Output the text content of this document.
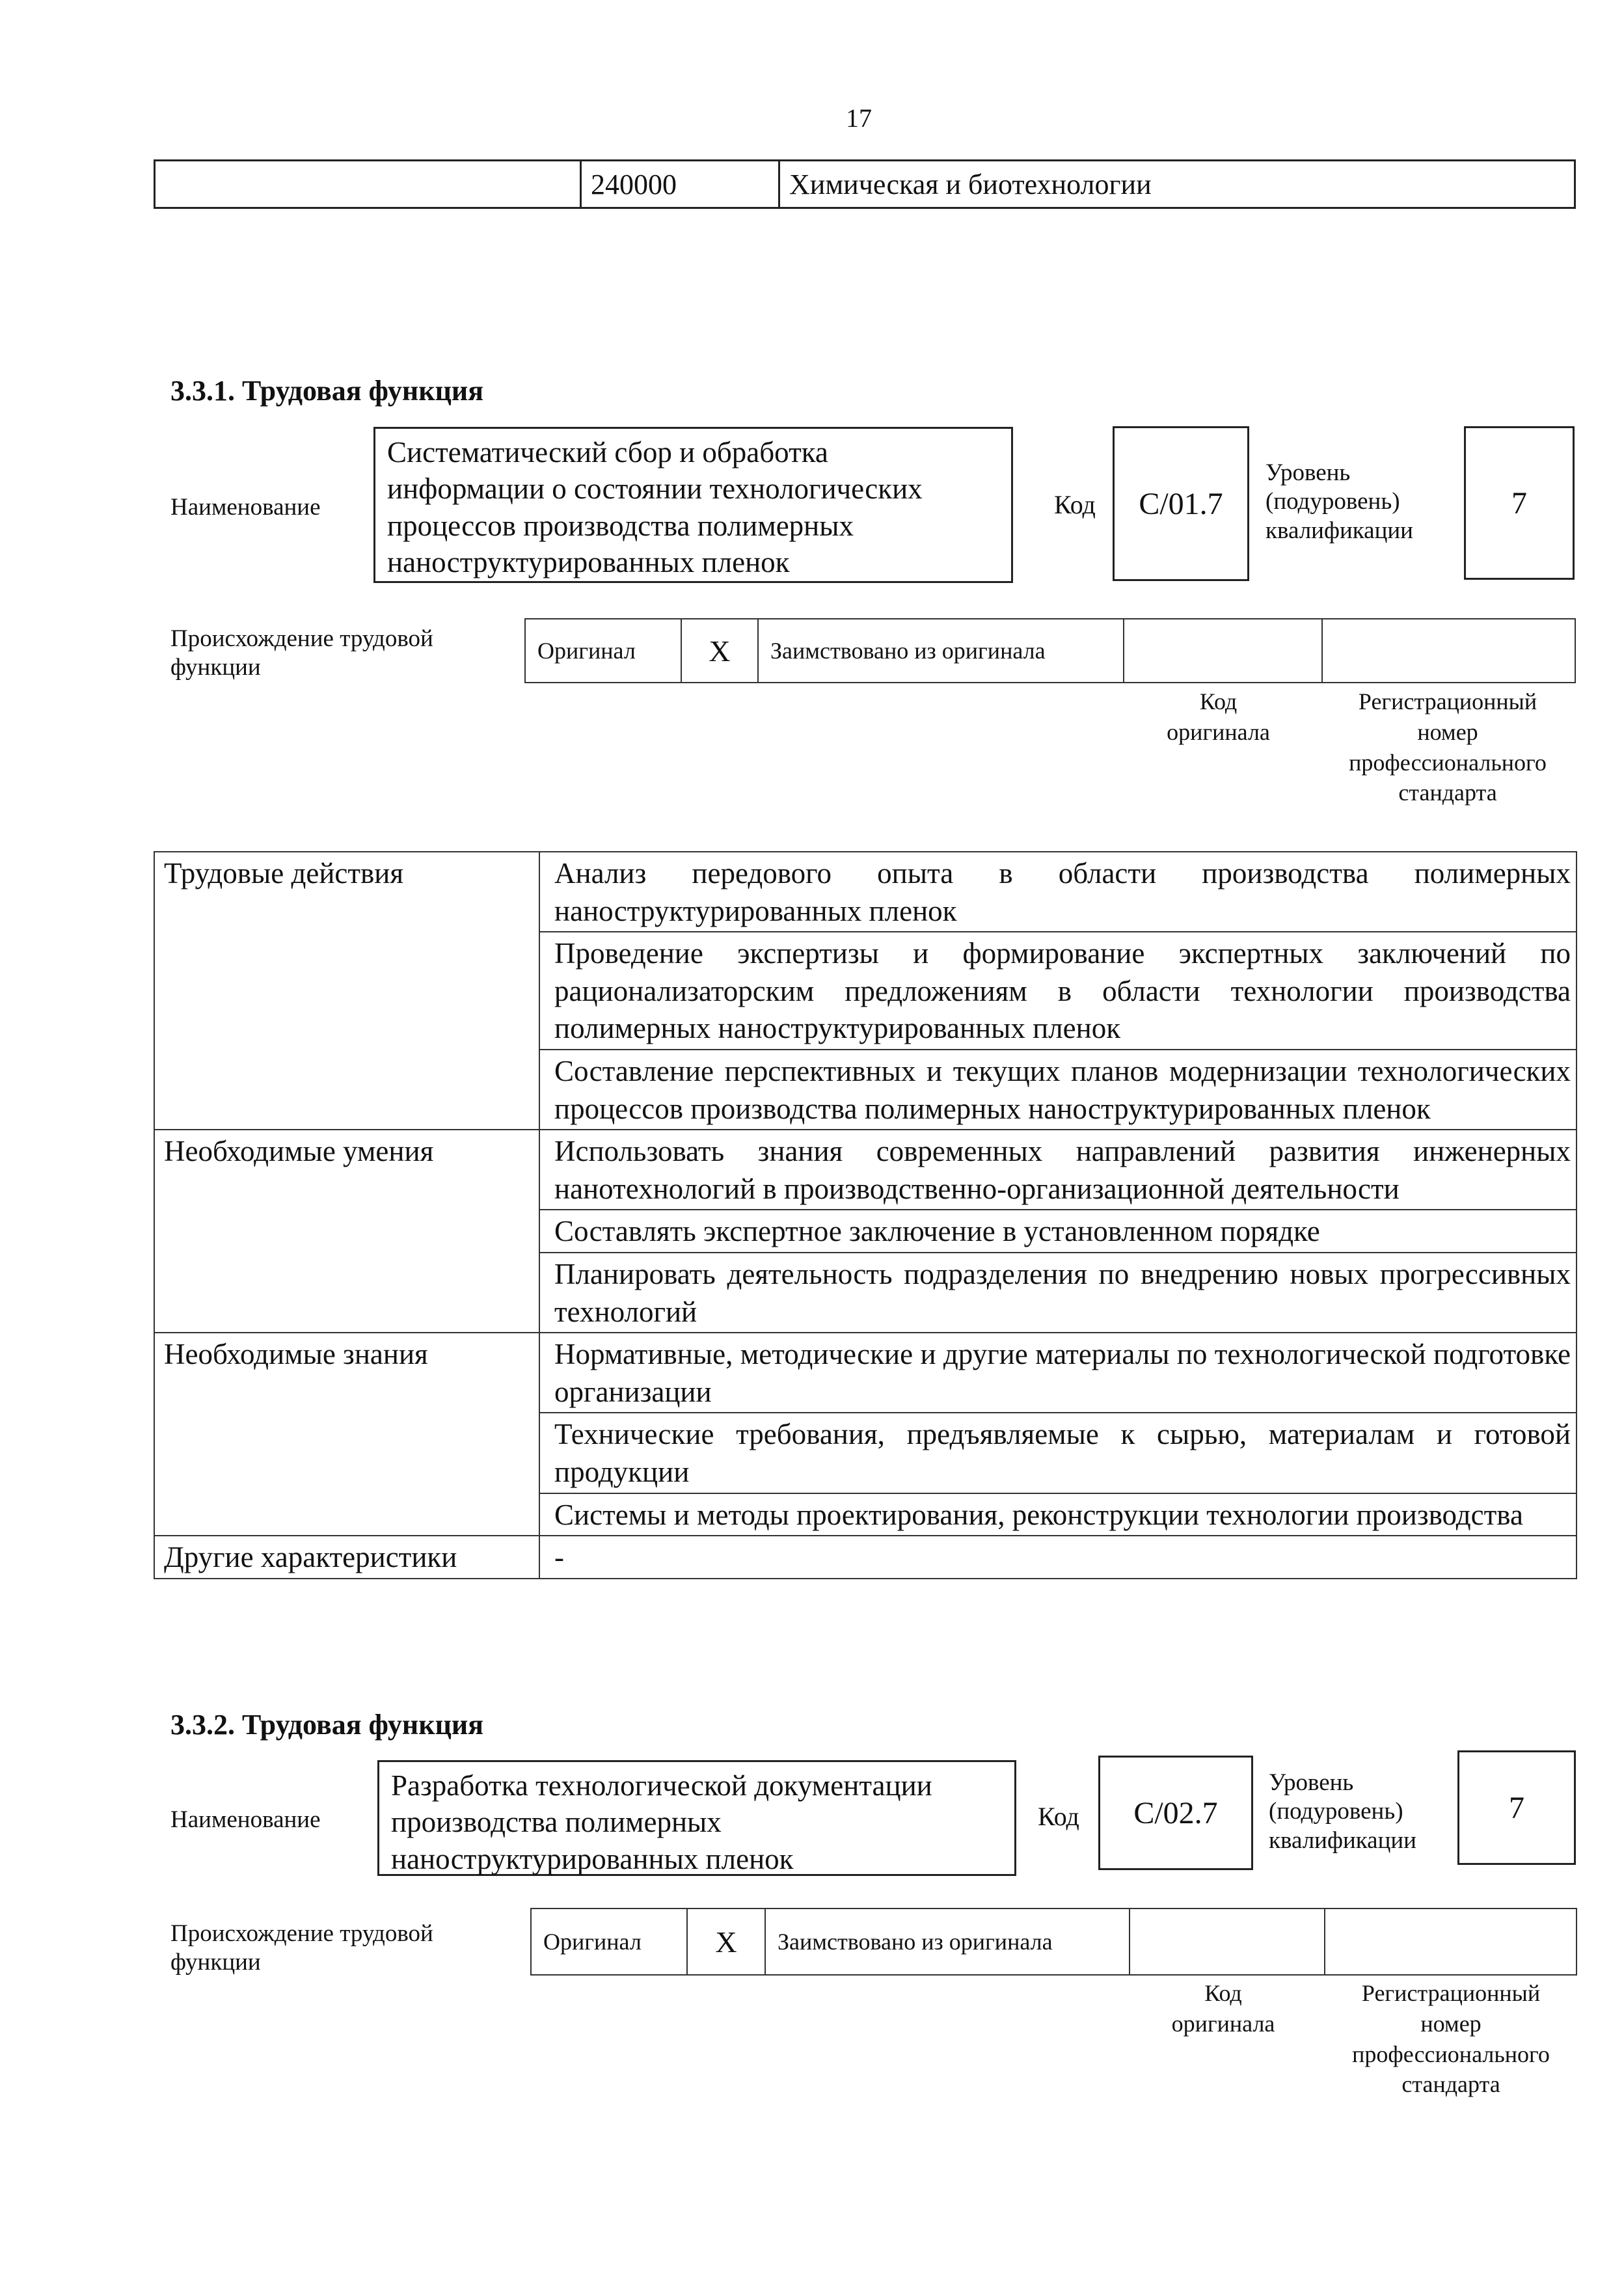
17
240000	Химическая и биотехнологии
3.3.1. Трудовая функция
Наименование
Систематический сбор и обработка
информации о состоянии технологических
процессов производства полимерных
наноструктурированных пленок
Код	С/01.7
Уровень
(подуровень)
квалификации
7
Происхождение трудовой
функции
Оригинал	X	Заимствовано из оригинала
Код
оригинала
Регистрационный
номер
профессионального
стандарта
Трудовые действия	Анализ передового опыта в области производства полимерных наноструктурированных пленок
	Проведение экспертизы и формирование экспертных заключений по рационализаторским предложениям в области технологии производства полимерных наноструктурированных пленок
	Составление перспективных и текущих планов модернизации технологических процессов производства полимерных наноструктурированных пленок
Необходимые умения	Использовать знания современных направлений развития инженерных нанотехнологий в производственно-организационной деятельности
	Составлять экспертное заключение в установленном порядке
	Планировать деятельность подразделения по внедрению новых прогрессивных технологий
Необходимые знания	Нормативные, методические и другие материалы по технологической подготовке организации
	Технические требования, предъявляемые к сырью, материалам и готовой продукции
	Системы и методы проектирования, реконструкции технологии производства
Другие характеристики	-
3.3.2. Трудовая функция
Наименование
Разработка технологической документации
производства полимерных
наноструктурированных пленок
Код	С/02.7
Уровень
(подуровень)
квалификации
7
Происхождение трудовой
функции
Оригинал	X	Заимствовано из оригинала
Код
оригинала
Регистрационный
номер
профессионального
стандарта
